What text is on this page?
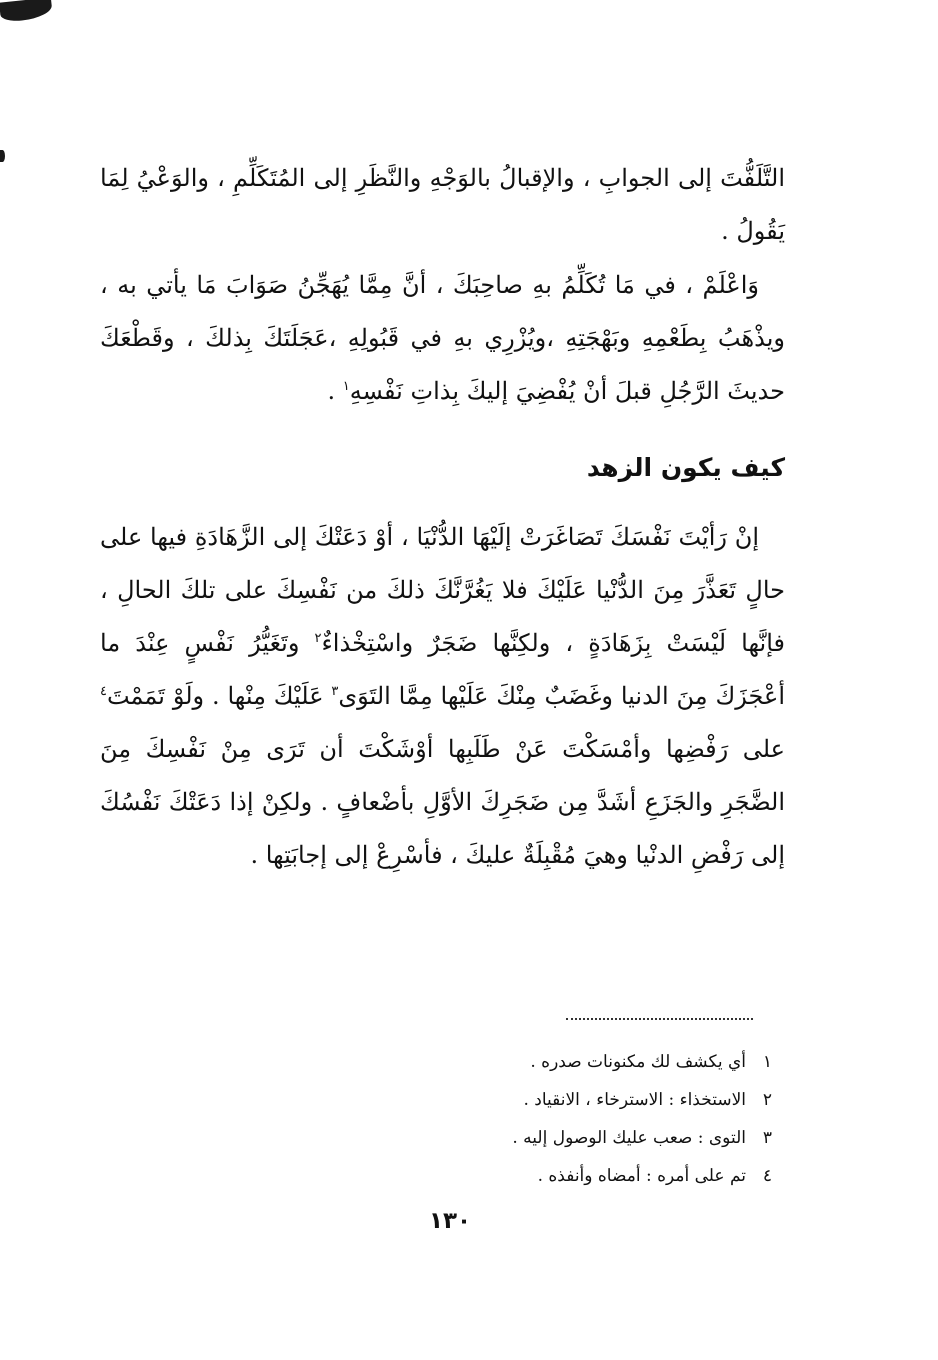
التَّلَفُّتَ إلى الجوابِ ، والإقبالُ بالوَجْهِ والنَّظَرِ إلى المُتَكَلِّمِ ، والوَعْيُ لِمَا يَقُولُ .

وَاعْلَمْ ، في مَا تُكَلِّمُ بهِ صاحِبَكَ ، أنَّ مِمَّا يُهَجِّنُ صَوَابَ مَا يأتي به ، ويذْهَبُ بِطَعْمِهِ وبَهْجَتِهِ ،ويُزْرِي بهِ في قَبُولِهِ ،عَجَلَتَكَ بِذلكَ ، وقَطْعَكَ حديثَ الرَّجُلِ قبلَ أنْ يُفْضِيَ إليكَ بِذاتِ نَفْسِهِ$^١$ .

كيف يكون الزهد

إنْ رَأيْتَ نَفْسَكَ تَصَاغَرَتْ إلَيْهَا الدُّنْيَا ، أوْ دَعَتْكَ إلى الزَّهَادَةِ فيها على حالٍ تَعَذَّرَ مِنَ الدُّنْيا عَلَيْكَ فلا يَغُرَّنَّكَ ذلكَ من نَفْسِكَ على تلكَ الحالِ ، فإنَّها لَيْسَتْ بِزَهَادَةٍ ، ولكِنَّها ضَجَرٌ واسْتِخْذاءٌ$^٢$ وتَغَيُّرُ نَفْسٍ عِنْدَ ما أعْجَزَكَ مِنَ الدنيا وغَضَبٌ مِنْكَ عَلَيْها مِمَّا التَوَى$^٣$ عَلَيْكَ مِنْها . ولَوْ تَمَمْتَ$^٤$ على رَفْضِها وأمْسَكْتَ عَنْ طَلَبِها أوْشَكْتَ أن تَرَى مِنْ نَفْسِكَ مِنَ الضَّجَرِ والجَزَعِ أشَدَّ مِن ضَجَرِكَ الأوَّلِ بأضْعافٍ . ولكِنْ إذا دَعَتْكَ نَفْسُكَ إلى رَفْضِ الدنْيا وهيَ مُقْبِلَةٌ عليكَ ، فأسْرِعْ إلى إجابَتِها .

١أي يكشف لك مكنونات صدره .
٢الاستخذاء : الاسترخاء ، الانقياد .
٣التوى : صعب عليك الوصول إليه .
٤تم على أمره : أمضاه وأنفذه .
١٣٠
